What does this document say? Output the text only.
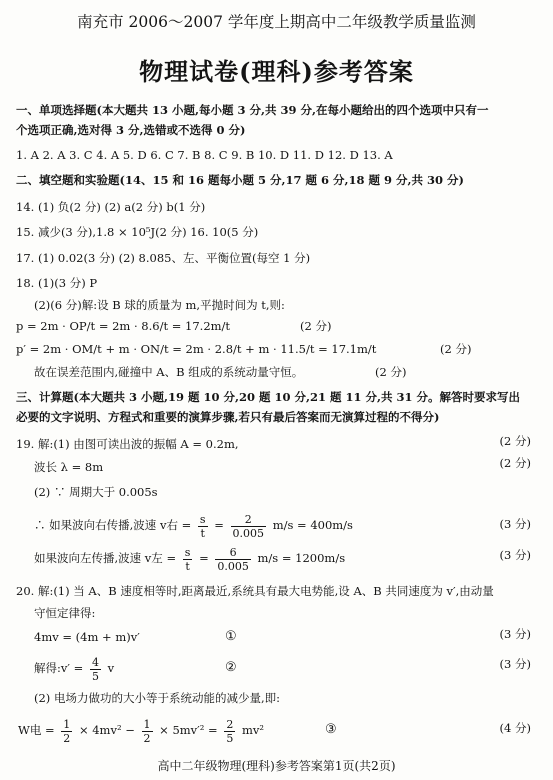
南充市 2006～2007 学年度上期高中二年级教学质量监测
物理试卷(理科)参考答案
一、单项选择题(本大题共 13 小题,每小题 3 分,共 39 分,在每小题给出的四个选项中只有一
个选项正确,选对得 3 分,选错或不选得 0 分)
1. A 2. A 3. C 4. A 5. D 6. C 7. B 8. C 9. B 10. D 11. D 12. D 13. A
二、填空题和实验题(14、15 和 16 题每小题 5 分,17 题 6 分,18 题 9 分,共 30 分)
14. (1) 负(2 分) (2) a(2 分) b(1 分)
15. 减少(3 分),1.8 × 10⁵J(2 分) 16. 10(5 分)
17. (1) 0.02(3 分) (2) 8.085、左、平衡位置(每空 1 分)
18. (1)(3 分) P
(2)(6 分)解:设 B 球的质量为 m,平抛时间为 t,则:
p = 2m · OP/t = 2m · 8.6/t = 17.2m/t	(2 分)
p′ = 2m · OM/t + m · ON/t = 2m · 2.8/t + m · 11.5/t = 17.1m/t	(2 分)
故在误差范围内,碰撞中 A、B 组成的系统动量守恒。	(2 分)
三、计算题(本大题共 3 小题,19 题 10 分,20 题 10 分,21 题 11 分,共 31 分。解答时要求写出
必要的文字说明、方程式和重要的演算步骤,若只有最后答案而无演算过程的不得分)
19. 解:(1) 由图可读出波的振幅 A = 0.2m,	(2 分)
波长 λ = 8m	(2 分)
(2) ∵ 周期大于 0.005s
∴ 如果波向右传播,波速 v右 = $\frac{s}{t} = \frac{2}{0.005} m/s = 400m/s$	(3 分)
如果波向左传播,波速 v左 = $\frac{s}{t} = \frac{6}{0.005} m/s = 1200m/s$	(3 分)
20. 解:(1) 当 A、B 速度相等时,距离最近,系统具有最大电势能,设 A、B 共同速度为 v′,由动量
守恒定律得:
4mv = (4m + m)v′	①	(3 分)
解得:v′ = $\frac{4}{5}$ v	②	(3 分)
(2) 电场力做功的大小等于系统动能的减少量,即:
W电 = $\frac{1}{2} \times 4mv^2 - \frac{1}{2} \times 5mv'^2 = \frac{2}{5} mv^2$	③	(4 分)
高中二年级物理(理科)参考答案第1页(共2页)
